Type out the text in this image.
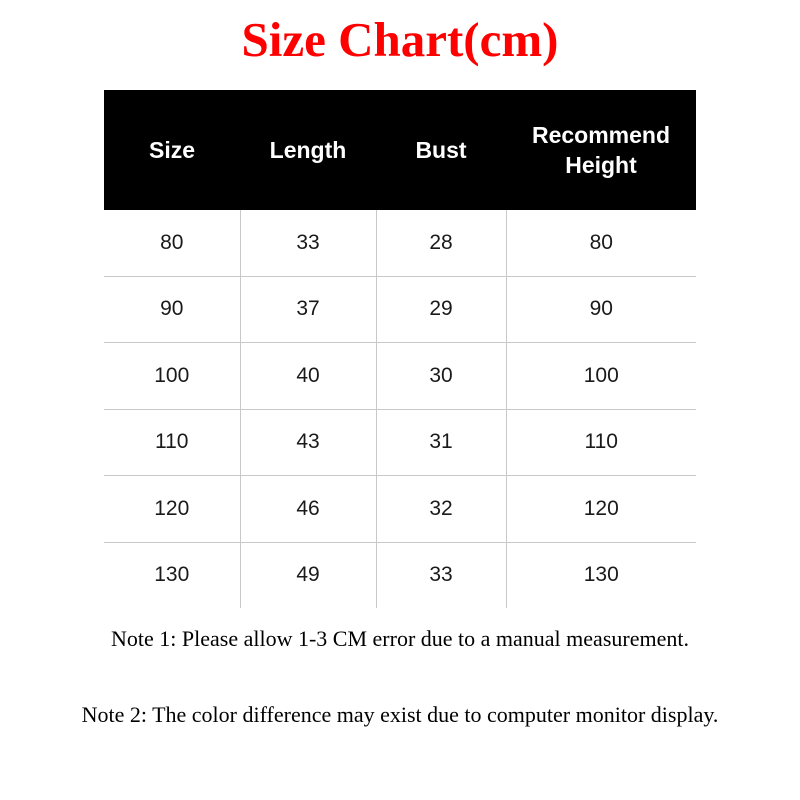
Size Chart(cm)
Size	Length	Bust	Recommend Height
80	33	28	80
90	37	29	90
100	40	30	100
110	43	31	110
120	46	32	120
130	49	33	130
Note 1: Please allow 1-3 CM error due to a manual measurement.
Note 2: The color difference may exist due to computer monitor display.
